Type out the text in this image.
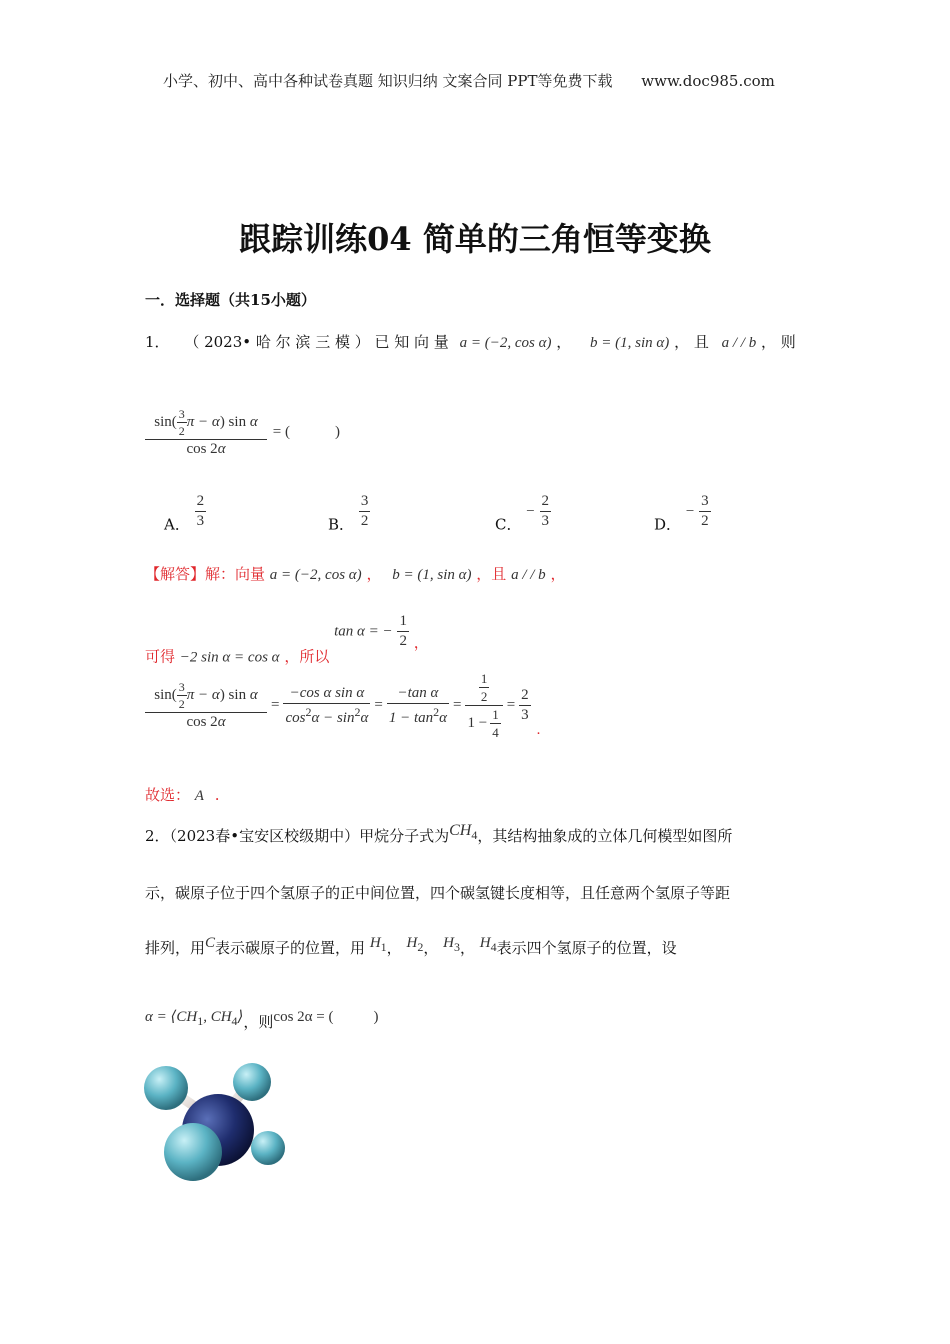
小学、初中、高中各种试卷真题 知识归纳 文案合同 PPT等免费下载 www.doc985.com
跟踪训练04 简单的三角恒等变换
一．选择题（共15小题）
1． （ 2023• 哈 尔 滨 三 模 ） 已 知 向 量 a = (−2, cos α) ， b = (1, sin α) ， 且 a / / b ， 则
$\frac{\sin( \frac{3}{2} \pi - \alpha) \sin \alpha}{\cos 2\alpha}$ = (　　　)
A． $\frac{2}{3}$	B． $\frac{3}{2}$	C． − $\frac{2}{3}$	D． − $\frac{3}{2}$
【解答】解：向量 a = (−2, cos α) ， b = (1, sin α) ，且 a / / b ，
可得 −2 sin α = cos α ，所以 tan α = − $\frac{1}{2}$ ，
$\frac{\sin( \frac{3}{2} \pi - \alpha) \sin \alpha}{\cos 2\alpha} = \frac{\text{−cos α sin α}}{\cos^2\alpha - \sin^2\alpha} = \frac{\text{−tan α}}{1 - \tan^2\alpha} = \frac{\frac{1}{2}}{1 - \frac{1}{4}} = \frac{2}{3}$
.
故选： A .
2．（2023春•宝安区校级期中）甲烷分子式为$CH_4$，其结构抽象成的立体几何模型如图所
示，碳原子位于四个氢原子的正中间位置，四个碳氢键长度相等，且任意两个氢原子等距
排列，用C表示碳原子的位置，用 $H_1$， $H_2$， $H_3$， $H_4$表示四个氢原子的位置，设
$\alpha = ⟨CH_1$, $CH_4⟩$，则cos 2α = (	)
